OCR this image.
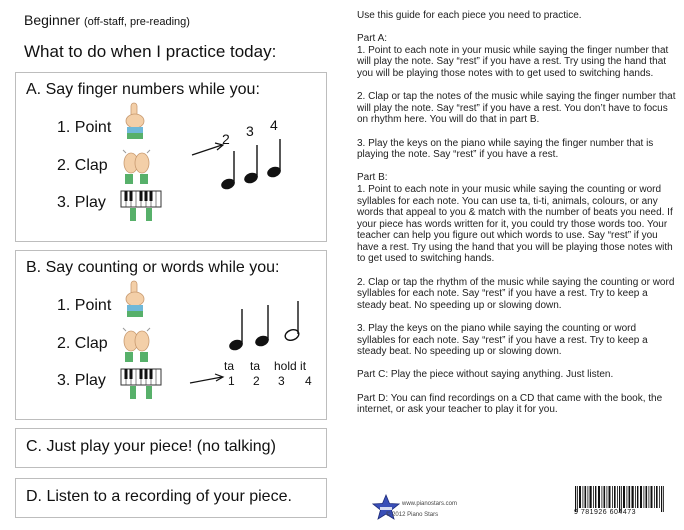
Beginner (off-staff, pre-reading)
What to do when I practice today:
A. Say finger numbers while you:
1. Point
2. Clap
3. Play
2 3 4
B. Say counting or words while you:
1. Point
2. Clap
3. Play
ta ta hold it
1 2 3 4
C. Just play your piece! (no talking)
D. Listen to a recording of your piece.

Use this guide for each piece you need to practice.

Part A:

1. Point to each note in your music while saying the finger number that will play the note. Say “rest” if you have a rest. Try using the hand that you will be playing those notes with to get used to switching hands.

2. Clap or tap the notes of the music while saying the finger number that will play the note. Say “rest” if you have a rest. You don’t have to focus on rhythm here. You will do that in part B.

3. Play the keys on the piano while saying the finger number that is playing the note. Say “rest” if you have a rest.

Part B:

1. Point to each note in your music while saying the counting or word syllables for each note. You can use ta, ti-ti, animals, colours, or any words that appeal to you & match with the number of beats you need. If your piece has words written for it, you could try those words too. Your teacher can help you figure out which words to use. Say “rest” if you have a rest. Try using the hand that you will be playing those notes with to get used to switching hands.

2. Clap or tap the rhythm of the music while saying the counting or word syllables for each note. Say “rest” if you have a rest. Try to keep a steady beat. No speeding up or slowing down.

3. Play the keys on the piano while saying the counting or word syllables for each note. Say “rest” if you have a rest. Try to keep a steady beat. No speeding up or slowing down.

Part C: Play the piece without saying anything. Just listen.

Part D: You can find recordings on a CD that came with the book, the internet, or ask your teacher to play it for you.

www.pianostars.com
© 2012 Piano Stars	9 781926 604473
